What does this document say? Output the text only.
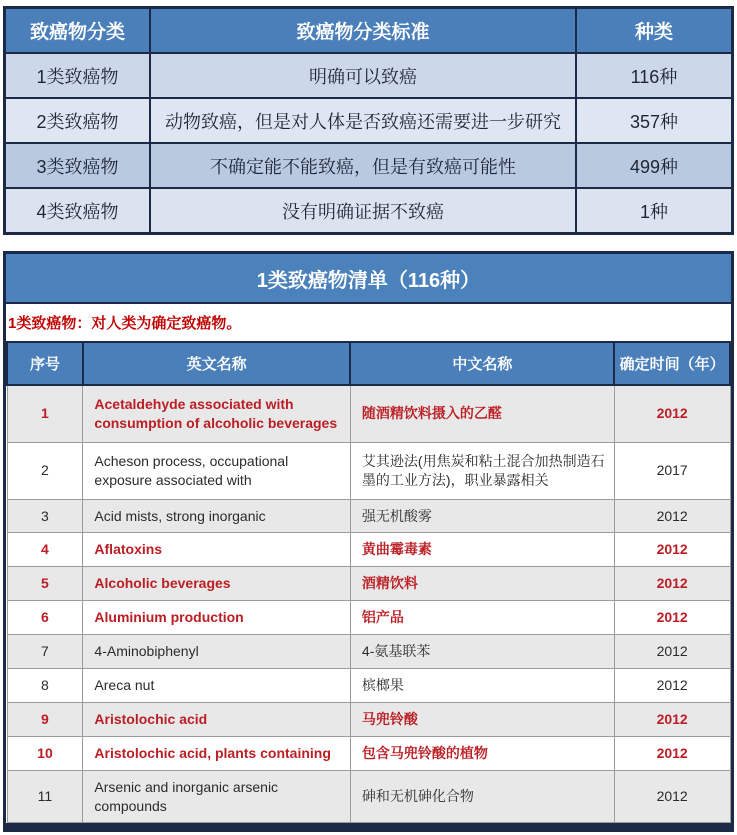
致癌物分类	致癌物分类标准	种类
1类致癌物	明确可以致癌	116种
2类致癌物	动物致癌，但是对人体是否致癌还需要进一步研究	357种
3类致癌物	不确定能不能致癌，但是有致癌可能性	499种
4类致癌物	没有明确证据不致癌	1种
1类致癌物清单（116种）
1类致癌物：对人类为确定致癌物。
序号	英文名称	中文名称	确定时间（年）
1	Acetaldehyde associated with consumption of alcoholic beverages	随酒精饮料摄入的乙醛	2012
2	Acheson process, occupational exposure associated with	艾其逊法(用焦炭和粘土混合加热制造石墨的工业方法)，职业暴露相关	2017
3	Acid mists, strong inorganic	强无机酸雾	2012
4	Aflatoxins	黄曲霉毒素	2012
5	Alcoholic beverages	酒精饮料	2012
6	Aluminium production	铝产品	2012
7	4-Aminobiphenyl	4-氨基联苯	2012
8	Areca nut	槟榔果	2012
9	Aristolochic acid	马兜铃酸	2012
10	Aristolochic acid, plants containing	包含马兜铃酸的植物	2012
11	Arsenic and inorganic arsenic compounds	砷和无机砷化合物	2012
